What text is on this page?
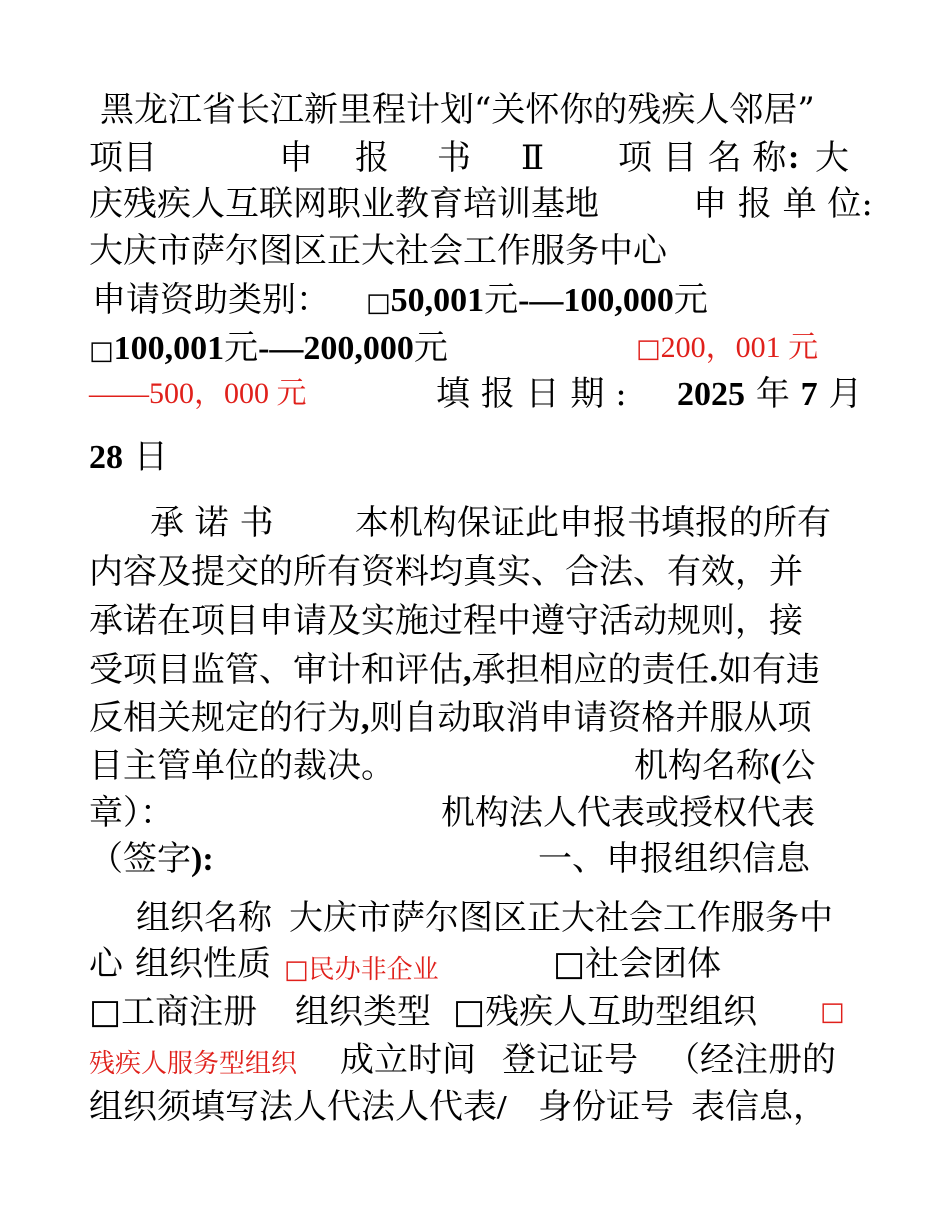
黑龙江省长江新里程计划“关怀你的残疾人邻居”
项目	申 报 书 Ⅱ 项 目 名 称 : 大
庆残疾人互联网职业教育培训基地	申 报 单 位:
大庆市萨尔图区正大社会工作服务中心
申请资助类别： □50,001元-—100,000元
□100,001元-—200,000元	□200，001 元
——500，000 元	填 报 日 期 : 2025 年 7 月
28 日
承 诺 书 本机构保证此申报书填报的所有
内容及提交的所有资料均真实、合法、有效，并
承诺在项目申请及实施过程中遵守活动规则，接
受项目监管、审计和评估,承担相应的责任.如有违
反相关规定的行为,则自动取消申请资格并服从项
目主管单位的裁决。	机构名称(公
章）：	机构法人代表或授权代表
（签字):	一、申报组织信息
组织名称 大庆市萨尔图区正大社会工作服务中
心 组织性质 □民办非企业	□社会团体
□工商注册 组织类型 □残疾人互助型组织 □
残疾人服务型组织 成立时间 登记证号 （经注册的
组织须填写法人代法人代表/ 身份证号 表信息，
